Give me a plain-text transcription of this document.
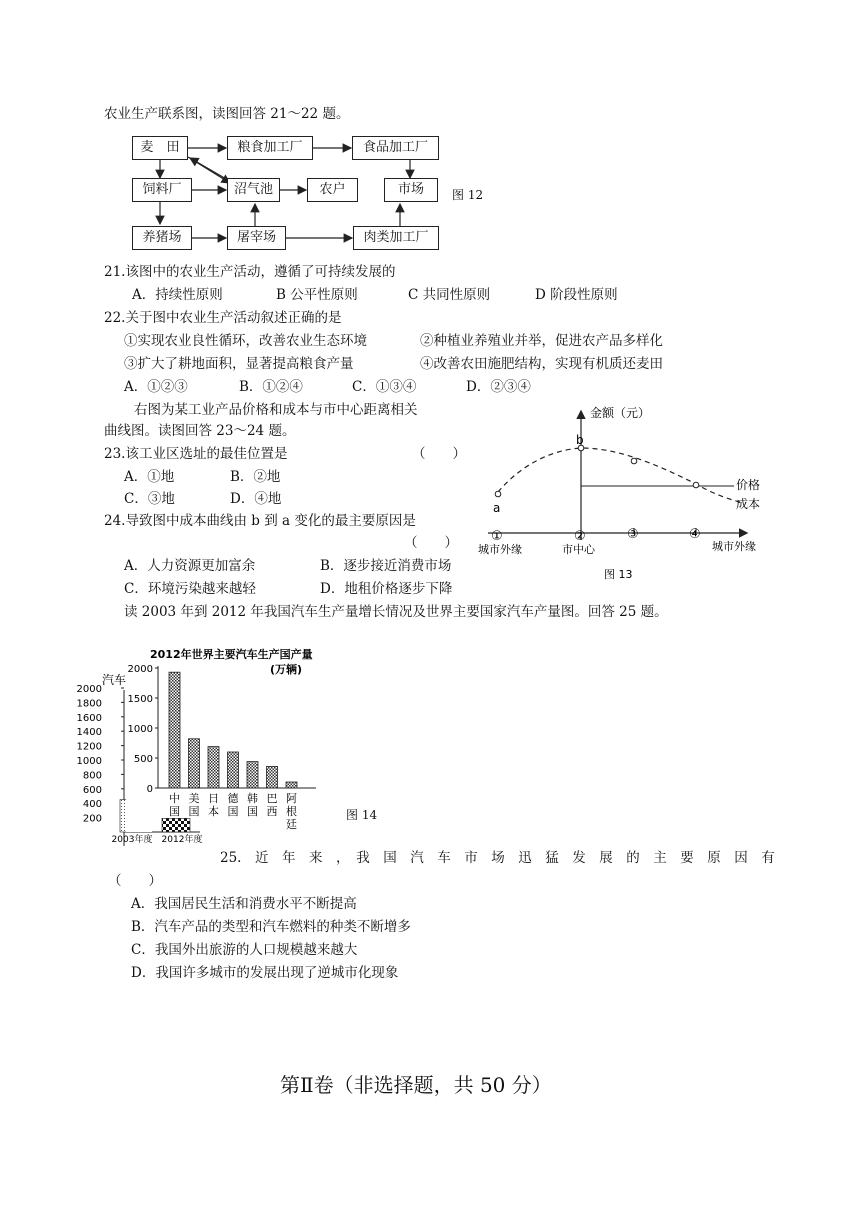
农业生产联系图，读图回答 21～22 题。
麦　田	粮食加工厂	食品加工厂
饲料厂	沼气池	农户	市场
养猪场	屠宰场	肉类加工厂
图 12
21.该图中的农业生产活动，遵循了可持续发展的
A．持续性原则	B 公平性原则	C 共同性原则	D 阶段性原则
22.关于图中农业生产活动叙述正确的是
①实现农业良性循环，改善农业生态环境	②种植业养殖业并举，促进农产品多样化
③扩大了耕地面积，显著提高粮食产量	④改善农田施肥结构，实现有机质还麦田
A．①②③	B．①②④	C．①③④	D．②③④
右图为某工业产品价格和成本与市中心距离相关
曲线图。读图回答 23～24 题。
23.该工业区选址的最佳位置是	（　　）
A．①地	B．②地
C．③地	D．④地
24.导致图中成本曲线由 b 到 a 变化的最主要原因是
（　　）
A．人力资源更加富余	B．逐步接近消费市场
C．环境污染越来越轻	D．地租价格逐步下降
金额（元）
价格
成本
a
b
①	②	③	④
城市外缘	市中心	城市外缘
图 13
读 2003 年到 2012 年我国汽车生产量增长情况及世界主要国家汽车产量图。回答 25 题。
汽车
200
400
600
800
1000
1200
1400
1600
1800
2000
2003年度 2012年度
2012年世界主要汽车生产国产量
(万辆)
0
500
1000
1500
2000
中国
美国
日本
德国
韩国
巴西
阿根廷
图 14
25.　近　年　来　，　我　国　汽　车　市　场　迅　猛　发　展　的　主　要　原　因　有
（　　）
A．我国居民生活和消费水平不断提高
B．汽车产品的类型和汽车燃料的种类不断增多
C．我国外出旅游的人口规模越来越大
D．我国许多城市的发展出现了逆城市化现象
第Ⅱ卷（非选择题，共 50 分）
